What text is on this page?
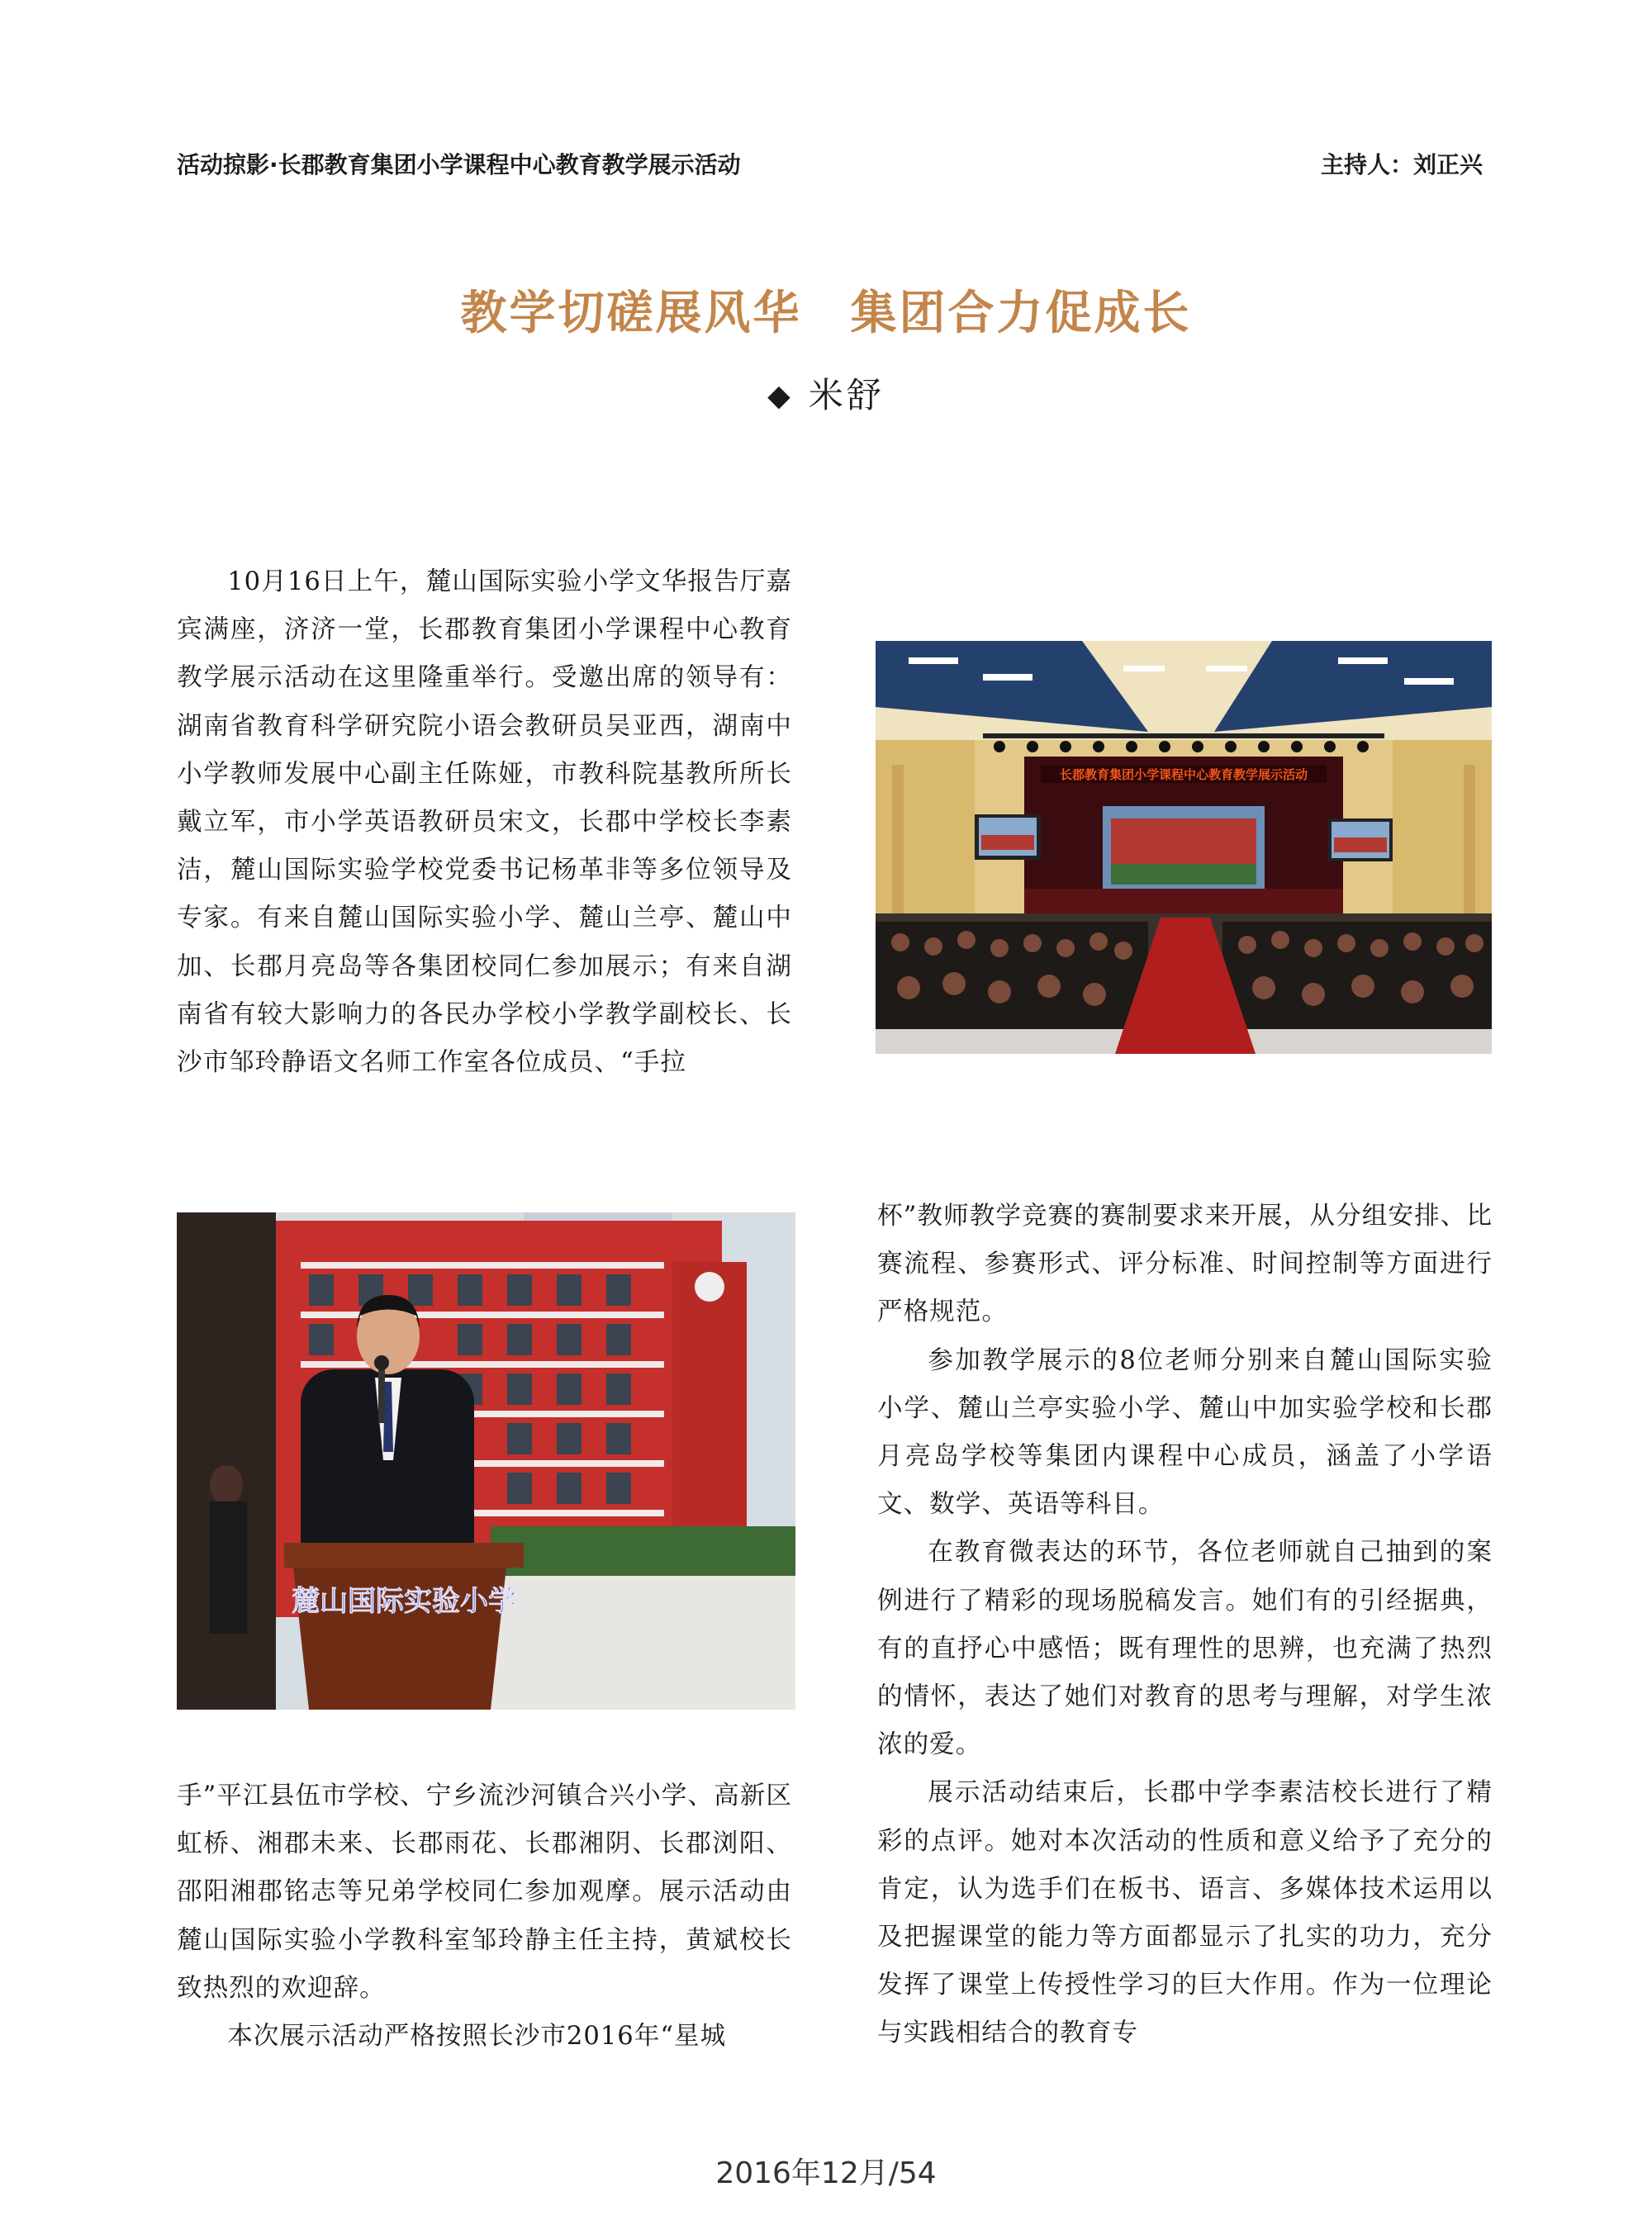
活动掠影·长郡教育集团小学课程中心教育教学展示活动	主持人：刘正兴
教学切磋展风华　集团合力促成长
◆ 米舒

10月16日上午，麓山国际实验小学文华报告厅嘉宾满座，济济一堂，长郡教育集团小学课程中心教育教学展示活动在这里隆重举行。受邀出席的领导有：湖南省教育科学研究院小语会教研员吴亚西，湖南中小学教师发展中心副主任陈娅，市教科院基教所所长戴立军，市小学英语教研员宋文，长郡中学校长李素洁，麓山国际实验学校党委书记杨革非等多位领导及专家。有来自麓山国际实验小学、麓山兰亭、麓山中加、长郡月亮岛等各集团校同仁参加展示；有来自湖南省有较大影响力的各民办学校小学教学副校长、长沙市邹玲静语文名师工作室各位成员、“手拉

长郡教育集团小学课程中心教育教学展示活动
麓山国际实验小学

杯”教师教学竞赛的赛制要求来开展，从分组安排、比赛流程、参赛形式、评分标准、时间控制等方面进行严格规范。

参加教学展示的8位老师分别来自麓山国际实验小学、麓山兰亭实验小学、麓山中加实验学校和长郡月亮岛学校等集团内课程中心成员，涵盖了小学语文、数学、英语等科目。

在教育微表达的环节，各位老师就自己抽到的案例进行了精彩的现场脱稿发言。她们有的引经据典，有的直抒心中感悟；既有理性的思辨，也充满了热烈的情怀，表达了她们对教育的思考与理解，对学生浓浓的爱。

展示活动结束后，长郡中学李素洁校长进行了精彩的点评。她对本次活动的性质和意义给予了充分的肯定，认为选手们在板书、语言、多媒体技术运用以及把握课堂的能力等方面都显示了扎实的功力，充分发挥了课堂上传授性学习的巨大作用。作为一位理论与实践相结合的教育专

手”平江县伍市学校、宁乡流沙河镇合兴小学、高新区虹桥、湘郡未来、长郡雨花、长郡湘阴、长郡浏阳、邵阳湘郡铭志等兄弟学校同仁参加观摩。展示活动由麓山国际实验小学教科室邹玲静主任主持，黄斌校长致热烈的欢迎辞。

本次展示活动严格按照长沙市2016年“星城

2016年12月/54
